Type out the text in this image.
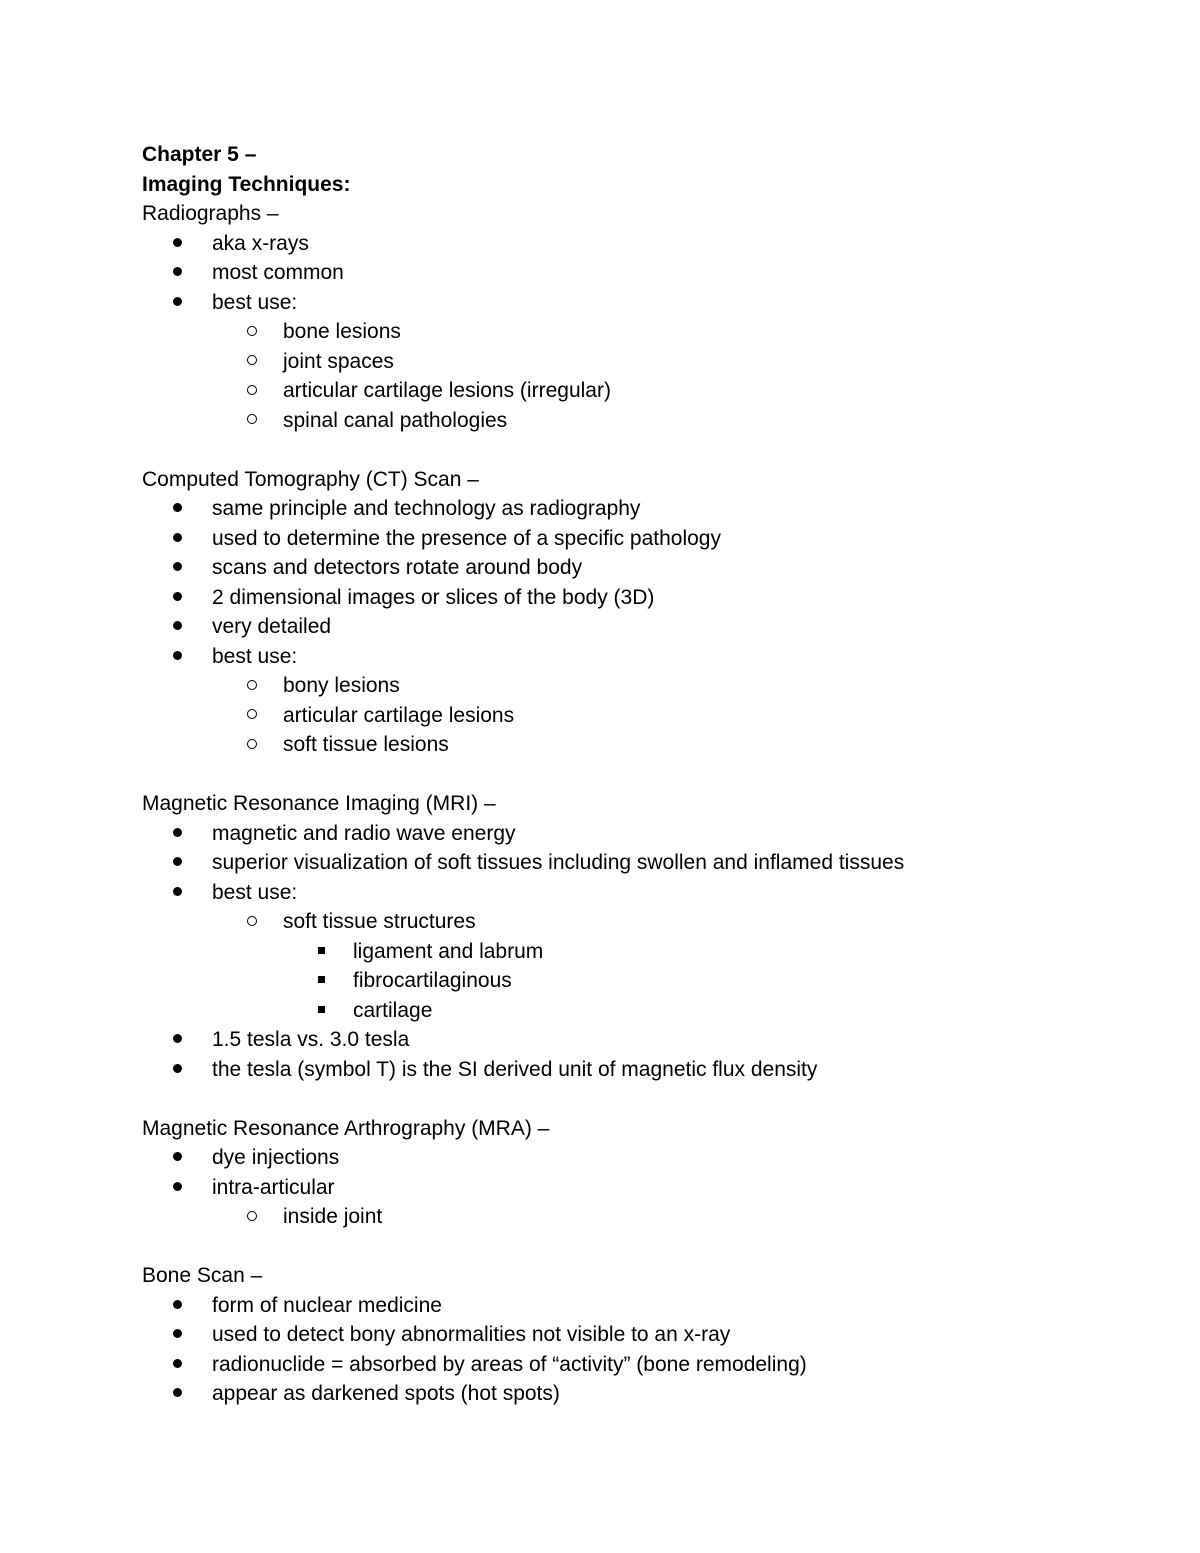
Chapter 5 –
Imaging Techniques:
Radiographs –
aka x-rays
most common
best use:
bone lesions
joint spaces
articular cartilage lesions (irregular)
spinal canal pathologies
Computed Tomography (CT) Scan –
same principle and technology as radiography
used to determine the presence of a specific pathology
scans and detectors rotate around body
2 dimensional images or slices of the body (3D)
very detailed
best use:
bony lesions
articular cartilage lesions
soft tissue lesions
Magnetic Resonance Imaging (MRI) –
magnetic and radio wave energy
superior visualization of soft tissues including swollen and inflamed tissues
best use:
soft tissue structures
ligament and labrum
fibrocartilaginous
cartilage
1.5 tesla vs. 3.0 tesla
the tesla (symbol T) is the SI derived unit of magnetic flux density
Magnetic Resonance Arthrography (MRA) –
dye injections
intra-articular
inside joint
Bone Scan –
form of nuclear medicine
used to detect bony abnormalities not visible to an x-ray
radionuclide = absorbed by areas of “activity” (bone remodeling)
appear as darkened spots (hot spots)
